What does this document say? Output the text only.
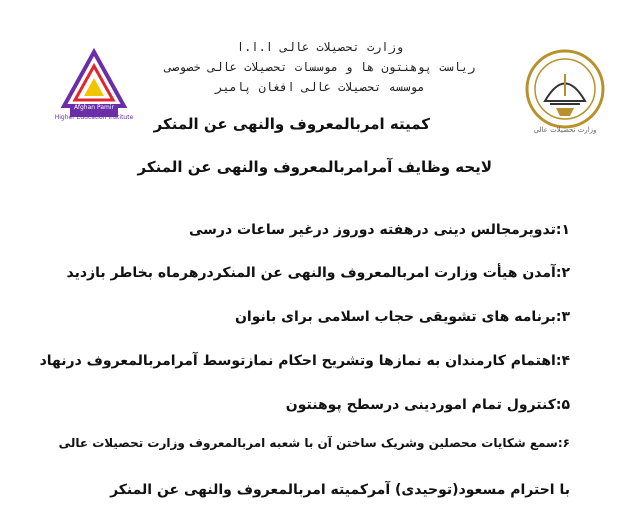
Afghan Pamir
Higher Education Institute
وزارت تحصیلات عالی
وزارت تحصیلات عالی ا.ا.ا
ریاست پوهنتون ها و موسسات تحصیلات عالی خصوصی
موسسه تحصیلات عالی افغان پامیر
کمیته امربالمعروف والنهی عن المنکر
لایحه وظایف آمرامربالمعروف والنهی عن المنکر
۱:تدویرمجالس دینی درهفته دوروز درغیر ساعات درسی
۲:آمدن هیأت وزارت امربالمعروف والنهی عن المنکردرهرماه بخاطر بازدید
۳:برنامه های تشویقی حجاب اسلامی برای بانوان
۴:اهتمام کارمندان به نمازها وتشریح احکام نمازتوسط آمرامربالمعروف درنهاد
۵:کنترول تمام اموردینی درسطح پوهنتون
۶:سمع شکایات محصلین وشریک ساختن آن با شعبه امربالمعروف وزارت تحصیلات عالی
با احترام مسعود(توحیدی) آمرکمیته امربالمعروف والنهی عن المنکر
